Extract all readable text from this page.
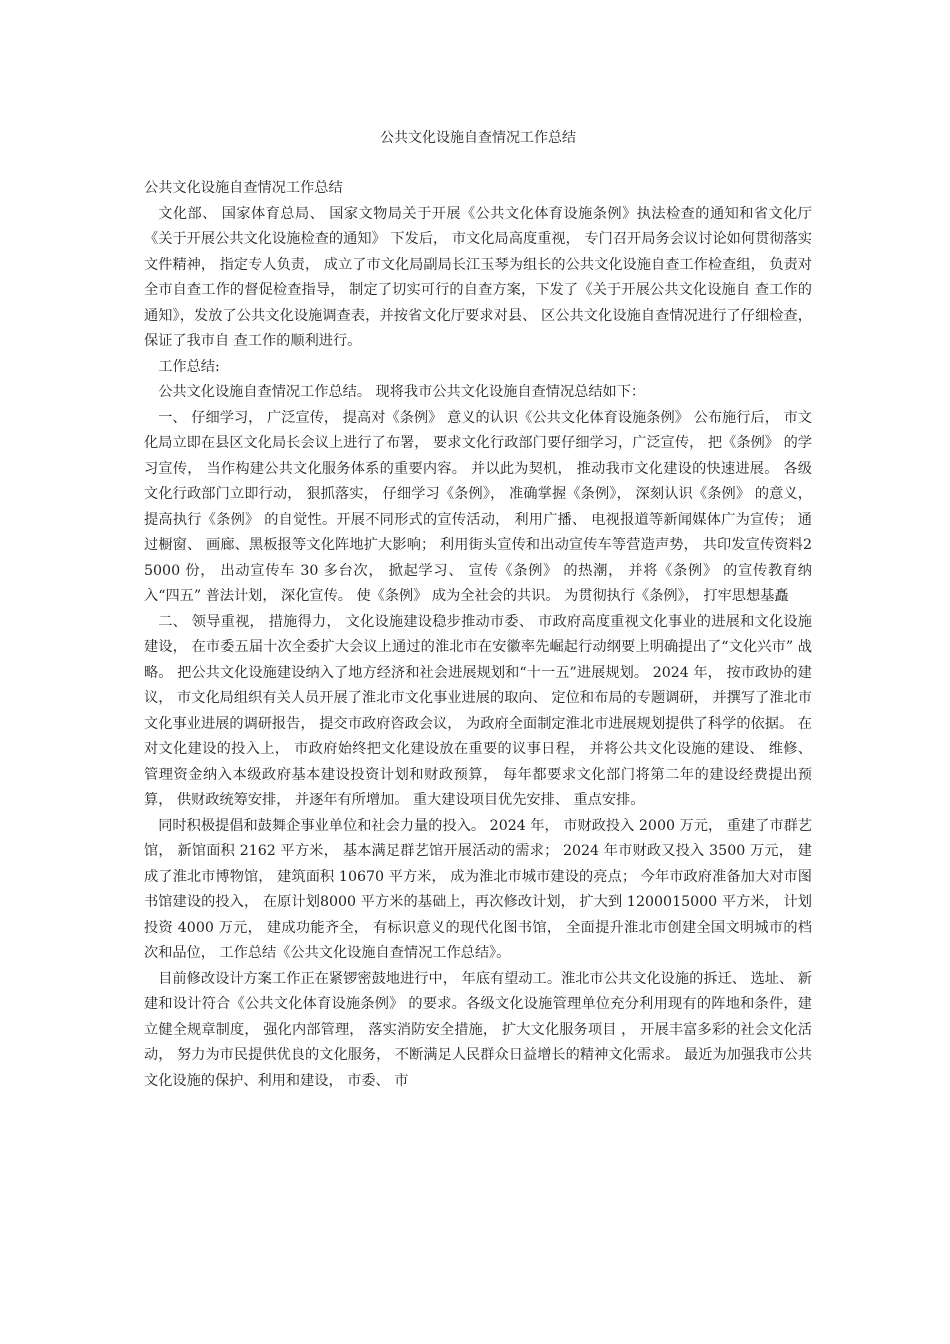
公共文化设施自查情况工作总结

公共文化设施自查情况工作总结

文化部、 国家体育总局、 国家文物局关于开展《公共文化体育设施条例》执法检查的通知和省文化厅《关于开展公共文化设施检查的通知》 下发后， 市文化局高度重视， 专门召开局务会议讨论如何贯彻落实文件精神， 指定专人负责， 成立了市文化局副局长江玉琴为组长的公共文化设施自查工作检查组， 负责对全市自查工作的督促检查指导， 制定了切实可行的自查方案，下发了《关于开展公共文化设施自 查工作的通知》，发放了公共文化设施调查表，并按省文化厅要求对县、 区公共文化设施自查情况进行了仔细检查， 保证了我市自 查工作的顺利进行。

工作总结:

公共文化设施自查情况工作总结。 现将我市公共文化设施自查情况总结如下：

一、 仔细学习， 广泛宣传， 提高对《条例》 意义的认识《公共文化体育设施条例》 公布施行后， 市文化局立即在县区文化局长会议上进行了布署， 要求文化行政部门要仔细学习，广泛宣传， 把《条例》 的学习宣传， 当作构建公共文化服务体系的重要内容。 并以此为契机， 推动我市文化建设的快速进展。 各级文化行政部门立即行动， 狠抓落实， 仔细学习《条例》， 准确掌握《条例》， 深刻认识《条例》 的意义， 提高执行《条例》 的自觉性。开展不同形式的宣传活动， 利用广播、 电视报道等新闻媒体广为宣传； 通过橱窗、 画廊、黑板报等文化阵地扩大影响； 利用街头宣传和出动宣传车等营造声势， 共印发宣传资料25000 份， 出动宣传车 30 多台次， 掀起学习、 宣传《条例》 的热潮， 并将《条例》 的宣传教育纳入“四五” 普法计划， 深化宣传。 使《条例》 成为全社会的共识。 为贯彻执行《条例》， 打牢思想基矗

二、 领导重视， 措施得力， 文化设施建设稳步推动市委、 市政府高度重视文化事业的进展和文化设施建设， 在市委五届十次全委扩大会议上通过的淮北市在安徽率先崛起行动纲要上明确提出了“文化兴市” 战略。 把公共文化设施建设纳入了地方经济和社会进展规划和“十一五”进展规划。 2024 年， 按市政协的建议， 市文化局组织有关人员开展了淮北市文化事业进展的取向、 定位和布局的专题调研， 并撰写了淮北市文化事业进展的调研报告， 提交市政府咨政会议， 为政府全面制定淮北市进展规划提供了科学的依据。 在对文化建设的投入上， 市政府始终把文化建设放在重要的议事日程， 并将公共文化设施的建设、 维修、 管理资金纳入本级政府基本建设投资计划和财政预算， 每年都要求文化部门将第二年的建设经费提出预算， 供财政统筹安排， 并逐年有所增加。 重大建设项目优先安排、 重点安排。

同时积极提倡和鼓舞企事业单位和社会力量的投入。 2024 年， 市财政投入 2000 万元， 重建了市群艺馆， 新馆面积 2162 平方米， 基本满足群艺馆开展活动的需求； 2024 年市财政又投入 3500 万元， 建成了淮北市博物馆， 建筑面积 10670 平方米， 成为淮北市城市建设的亮点； 今年市政府准备加大对市图书馆建设的投入， 在原计划8000 平方米的基础上，再次修改计划， 扩大到 1200015000 平方米， 计划投资 4000 万元， 建成功能齐全， 有标识意义的现代化图书馆， 全面提升淮北市创建全国文明城市的档次和品位， 工作总结《公共文化设施自查情况工作总结》。

目前修改设计方案工作正在紧锣密鼓地进行中， 年底有望动工。淮北市公共文化设施的拆迁、 选址、 新建和设计符合《公共文化体育设施条例》 的要求。各级文化设施管理单位充分利用现有的阵地和条件，建立健全规章制度， 强化内部管理， 落实消防安全措施， 扩大文化服务项目 ， 开展丰富多彩的社会文化活动， 努力为市民提供优良的文化服务， 不断满足人民群众日益增长的精神文化需求。 最近为加强我市公共文化设施的保护、利用和建设， 市委、 市
